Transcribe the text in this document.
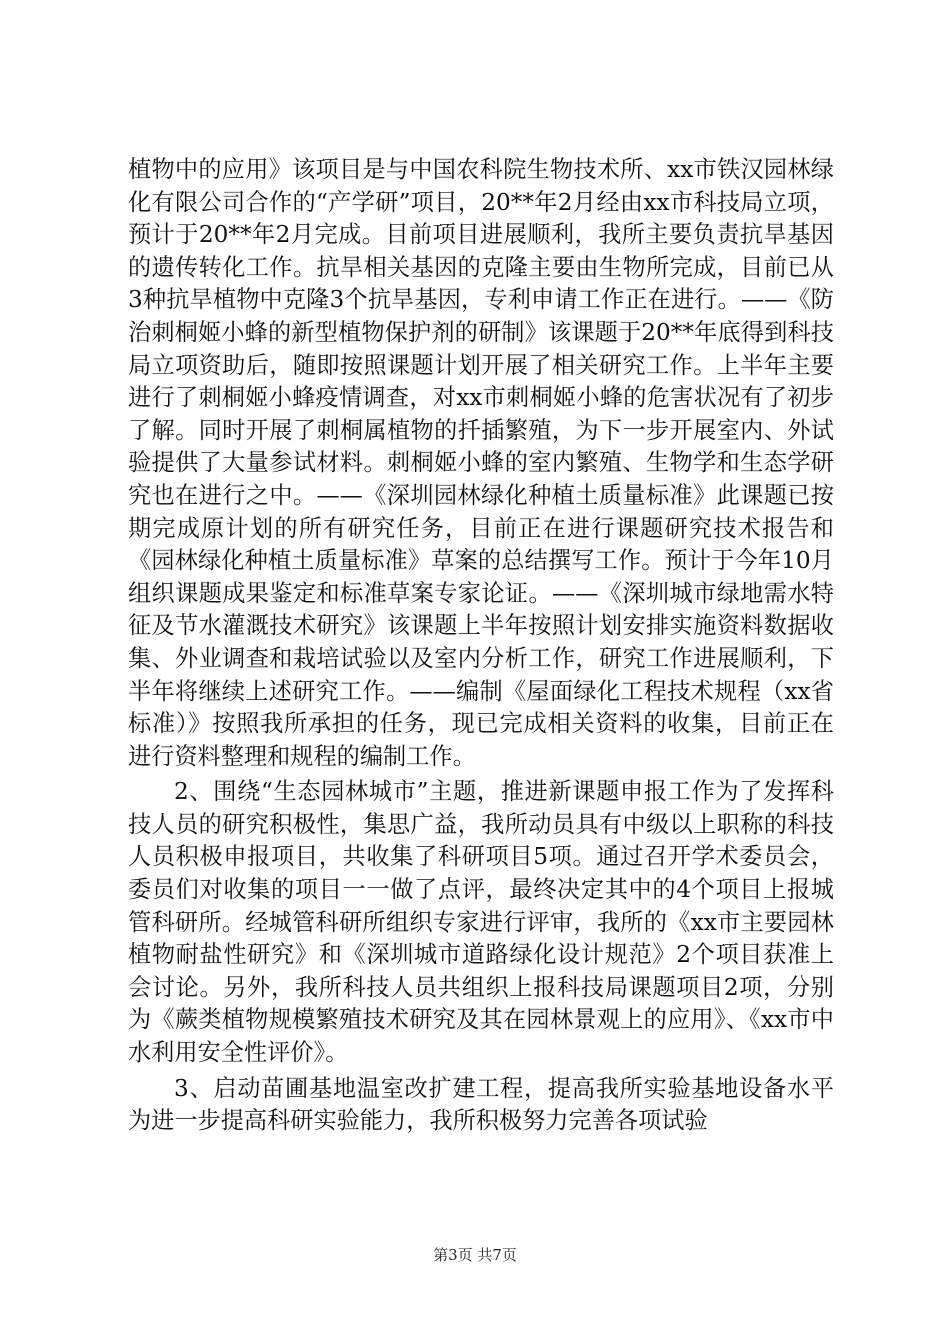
植物中的应用》该项目是与中国农科院生物技术所、xx市铁汉园林绿化有限公司合作的“产学研”项目，20**年2月经由xx市科技局立项，预计于20**年2月完成。目前项目进展顺利，我所主要负责抗旱基因的遗传转化工作。抗旱相关基因的克隆主要由生物所完成，目前已从3种抗旱植物中克隆3个抗旱基因，专利申请工作正在进行。——《防治刺桐姬小蜂的新型植物保护剂的研制》该课题于20**年底得到科技局立项资助后，随即按照课题计划开展了相关研究工作。上半年主要进行了刺桐姬小蜂疫情调查，对xx市刺桐姬小蜂的危害状况有了初步了解。同时开展了刺桐属植物的扦插繁殖，为下一步开展室内、外试验提供了大量参试材料。刺桐姬小蜂的室内繁殖、生物学和生态学研究也在进行之中。——《深圳园林绿化种植土质量标准》此课题已按期完成原计划的所有研究任务，目前正在进行课题研究技术报告和《园林绿化种植土质量标准》草案的总结撰写工作。预计于今年10月组织课题成果鉴定和标准草案专家论证。——《深圳城市绿地需水特征及节水灌溉技术研究》该课题上半年按照计划安排实施资料数据收集、外业调查和栽培试验以及室内分析工作，研究工作进展顺利，下半年将继续上述研究工作。——编制《屋面绿化工程技术规程（xx省标准）》按照我所承担的任务，现已完成相关资料的收集，目前正在进行资料整理和规程的编制工作。

2、围绕“生态园林城市”主题，推进新课题申报工作为了发挥科技人员的研究积极性，集思广益，我所动员具有中级以上职称的科技人员积极申报项目，共收集了科研项目5项。通过召开学术委员会，委员们对收集的项目一一做了点评，最终决定其中的4个项目上报城管科研所。经城管科研所组织专家进行评审，我所的《xx市主要园林植物耐盐性研究》和《深圳城市道路绿化设计规范》2个项目获准上会讨论。另外，我所科技人员共组织上报科技局课题项目2项，分别为《蕨类植物规模繁殖技术研究及其在园林景观上的应用》、《xx市中水利用安全性评价》。

3、启动苗圃基地温室改扩建工程，提高我所实验基地设备水平为进一步提高科研实验能力，我所积极努力完善各项试验

第3页 共7页
